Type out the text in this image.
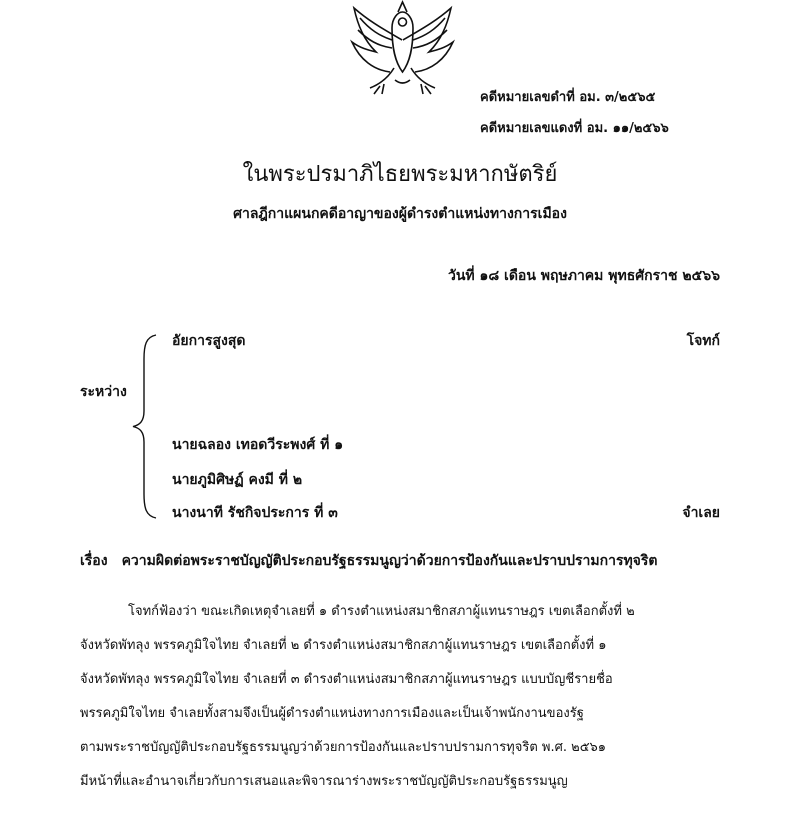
คดีหมายเลขดำที่ อม. ๓/๒๕๖๕
คดีหมายเลขแดงที่ อม. ๑๑/๒๕๖๖
ในพระปรมาภิไธยพระมหากษัตริย์
ศาลฎีกาแผนกคดีอาญาของผู้ดำรงตำแหน่งทางการเมือง
วันที่ ๑๘ เดือน พฤษภาคม พุทธศักราช ๒๕๖๖
ระหว่าง
อัยการสูงสุด	โจทก์
นายฉลอง เทอดวีระพงศ์ ที่ ๑
นายภูมิศิษฏ์ คงมี ที่ ๒
นางนาที รัชกิจประการ ที่ ๓	จำเลย
เรื่อง ความผิดต่อพระราชบัญญัติประกอบรัฐธรรมนูญว่าด้วยการป้องกันและปราบปรามการทุจริต
โจทก์ฟ้องว่า ขณะเกิดเหตุจำเลยที่ ๑ ดำรงตำแหน่งสมาชิกสภาผู้แทนราษฎร เขตเลือกตั้งที่ ๒
จังหวัดพัทลุง พรรคภูมิใจไทย จำเลยที่ ๒ ดำรงตำแหน่งสมาชิกสภาผู้แทนราษฎร เขตเลือกตั้งที่ ๑
จังหวัดพัทลุง พรรคภูมิใจไทย จำเลยที่ ๓ ดำรงตำแหน่งสมาชิกสภาผู้แทนราษฎร แบบบัญชีรายชื่อ
พรรคภูมิใจไทย จำเลยทั้งสามจึงเป็นผู้ดำรงตำแหน่งทางการเมืองและเป็นเจ้าพนักงานของรัฐ
ตามพระราชบัญญัติประกอบรัฐธรรมนูญว่าด้วยการป้องกันและปราบปรามการทุจริต พ.ศ. ๒๕๖๑
มีหน้าที่และอำนาจเกี่ยวกับการเสนอและพิจารณาร่างพระราชบัญญัติประกอบรัฐธรรมนูญ
